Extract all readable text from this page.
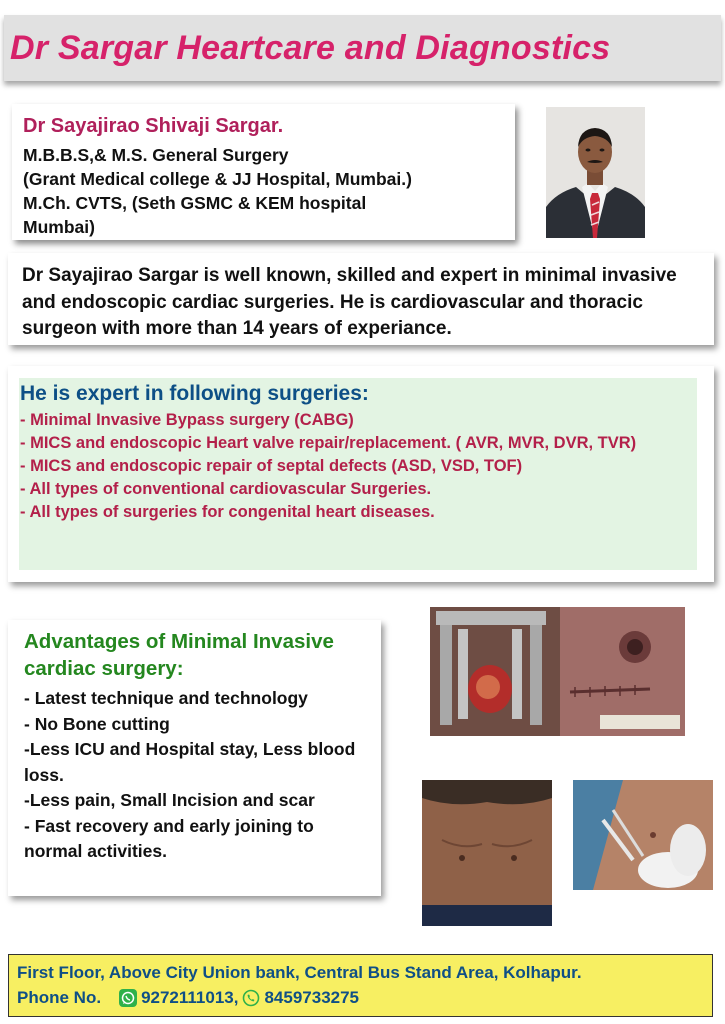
Dr Sargar Heartcare and Diagnostics
Dr Sayajirao Shivaji Sargar.
M.B.B.S,& M.S. General Surgery
(Grant Medical college & JJ Hospital, Mumbai.)
M.Ch. CVTS, (Seth GSMC & KEM hospital
Mumbai)
Dr Sayajirao Sargar is well known, skilled and expert in minimal invasive and endoscopic cardiac surgeries. He is cardiovascular and thoracic surgeon with more than 14 years of experiance.
He is expert in following surgeries:
- Minimal Invasive Bypass surgery (CABG)
- MICS and endoscopic Heart valve repair/replacement. ( AVR, MVR, DVR, TVR)
- MICS and endoscopic repair of septal defects (ASD, VSD, TOF)
- All types of conventional cardiovascular Surgeries.
- All types of surgeries for congenital heart diseases.
Advantages of Minimal Invasive cardiac surgery:
- Latest technique and technology
- No Bone cutting
-Less ICU and Hospital stay, Less blood loss.
-Less pain, Small Incision and scar
- Fast recovery and early joining to normal activities.
First Floor, Above City Union bank, Central Bus Stand Area, Kolhapur.
Phone No. 9272111013, 8459733275
